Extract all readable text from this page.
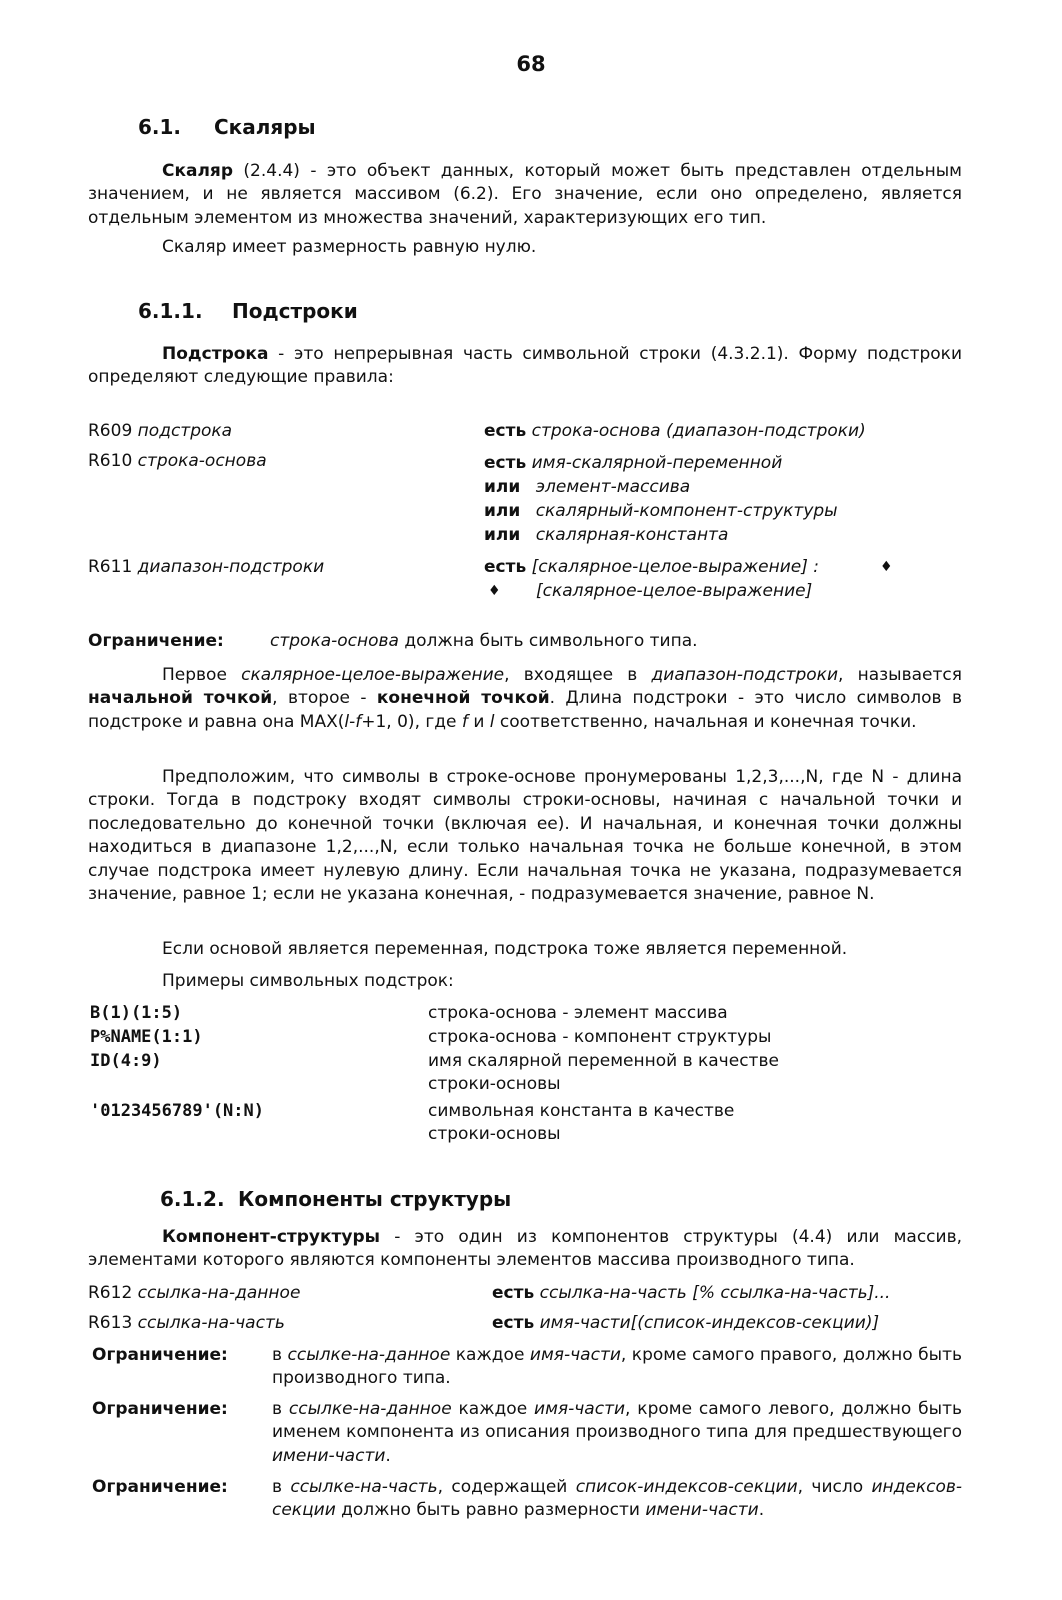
68
6.1. Скаляры
Скаляр (2.4.4) - это объект данных, который может быть представлен отдельным значением, и не является массивом (6.2). Его значение, если оно определено, является отдельным элементом из множества значений, характеризующих его тип.
Скаляр имеет размерность равную нулю.
6.1.1. Подстроки
Подстрока - это непрерывная часть символьной строки (4.3.2.1). Форму подстроки определяют следующие правила:
R609 подстрока	есть строка-основа (диапазон-подстроки)
R610 строка-основа	есть имя-скалярной-переменной
или элемент-массива
или скалярный-компонент-структуры
или скалярная-константа
R611 диапазон-подстроки	есть [скалярное-целое-выражение] :	♦
♦ [скалярное-целое-выражение]
Ограничение:	строка-основа должна быть символьного типа.
Первое скалярное-целое-выражение, входящее в диапазон-подстроки, называется начальной точкой, второе - конечной точкой. Длина подстроки - это число символов в подстроке и равна она MAX(l-f+1, 0), где f и l соответственно, начальная и конечная точки.
Предположим, что символы в строке-основе пронумерованы 1,2,3,...,N, где N - длина строки. Тогда в подстроку входят символы строки-основы, начиная с начальной точки и последовательно до конечной точки (включая ее). И начальная, и конечная точки должны находиться в диапазоне 1,2,...,N, если только начальная точка не больше конечной, в этом случае подстрока имеет нулевую длину. Если начальная точка не указана, подразумевается значение, равное 1; если не указана конечная, - подразумевается значение, равное N.
Если основой является переменная, подстрока тоже является переменной.
Примеры символьных подстрок:
B(1)(1:5)	строка-основа - элемент массива
P%NAME(1:1)	строка-основа - компонент структуры
ID(4:9)	имя скалярной переменной в качестве строки-основы
'0123456789'(N:N)	символьная константа в качестве строки-основы
6.1.2. Компоненты структуры
Компонент-структуры - это один из компонентов структуры (4.4) или массив, элементами которого являются компоненты элементов массива производного типа.
R612 ссылка-на-данное	есть ссылка-на-часть [% ссылка-на-часть]...
R613 ссылка-на-часть	есть имя-части[(список-индексов-секции)]
Ограничение:	в ссылке-на-данное каждое имя-части, кроме самого правого, должно быть производного типа.
Ограничение:	в ссылке-на-данное каждое имя-части, кроме самого левого, должно быть именем компонента из описания производного типа для предшествующего имени-части.
Ограничение:	в ссылке-на-часть, содержащей список-индексов-секции, число индексов-секции должно быть равно размерности имени-части.
